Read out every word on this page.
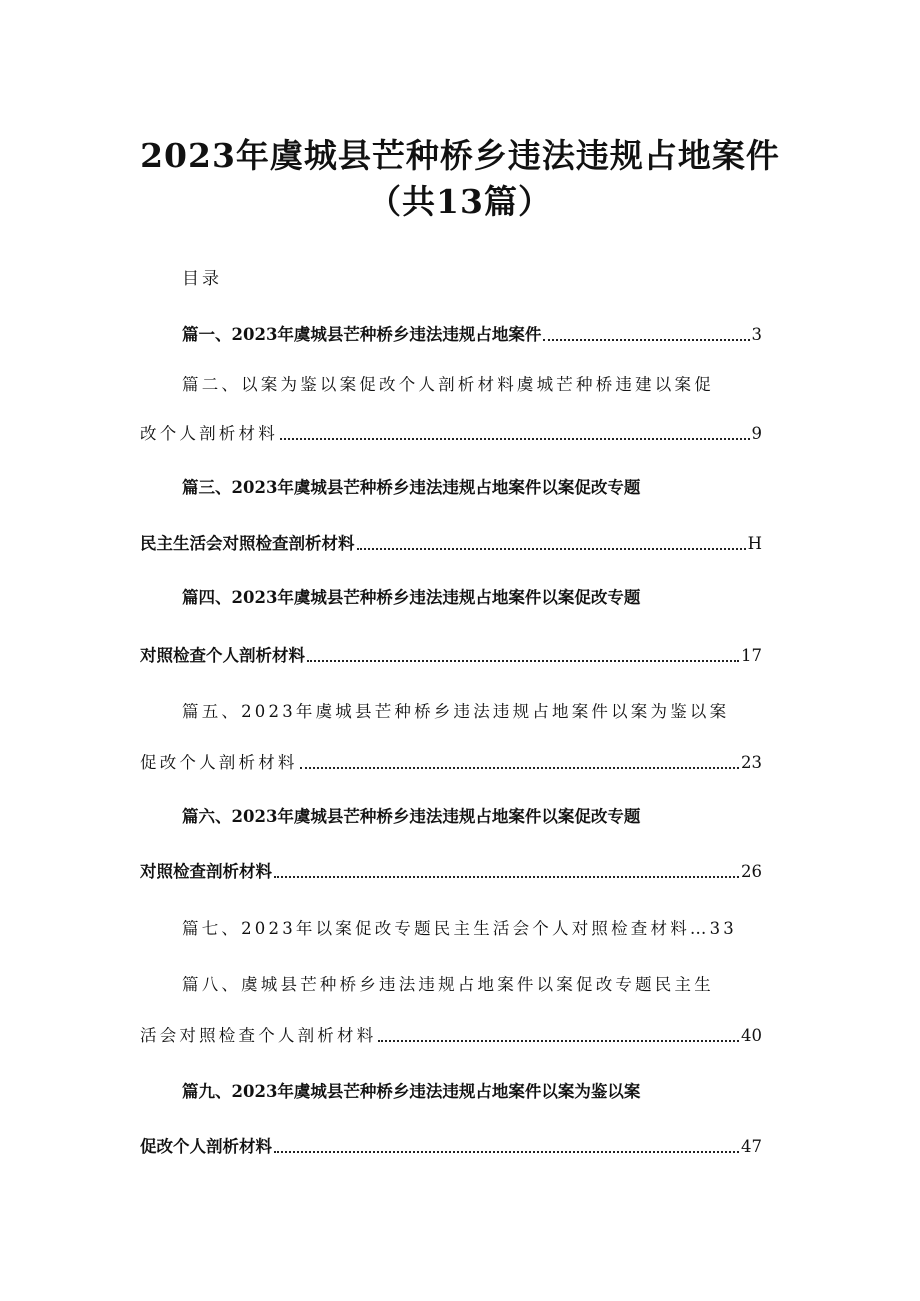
2023年虞城县芒种桥乡违法违规占地案件
（共13篇）
目录
篇一、2023年虞城县芒种桥乡违法违规占地案件	3
篇二、以案为鉴以案促改个人剖析材料虞城芒种桥违建以案促
改个人剖析材料	9
篇三、2023年虞城县芒种桥乡违法违规占地案件以案促改专题
民主生活会对照检查剖析材料	H
篇四、2023年虞城县芒种桥乡违法违规占地案件以案促改专题
对照检查个人剖析材料	17
篇五、2023年虞城县芒种桥乡违法违规占地案件以案为鉴以案
促改个人剖析材料	23
篇六、2023年虞城县芒种桥乡违法违规占地案件以案促改专题
对照检查剖析材料	26
篇七、2023年以案促改专题民主生活会个人对照检查材料…33
篇八、虞城县芒种桥乡违法违规占地案件以案促改专题民主生
活会对照检查个人剖析材料	40
篇九、2023年虞城县芒种桥乡违法违规占地案件以案为鉴以案
促改个人剖析材料	47
